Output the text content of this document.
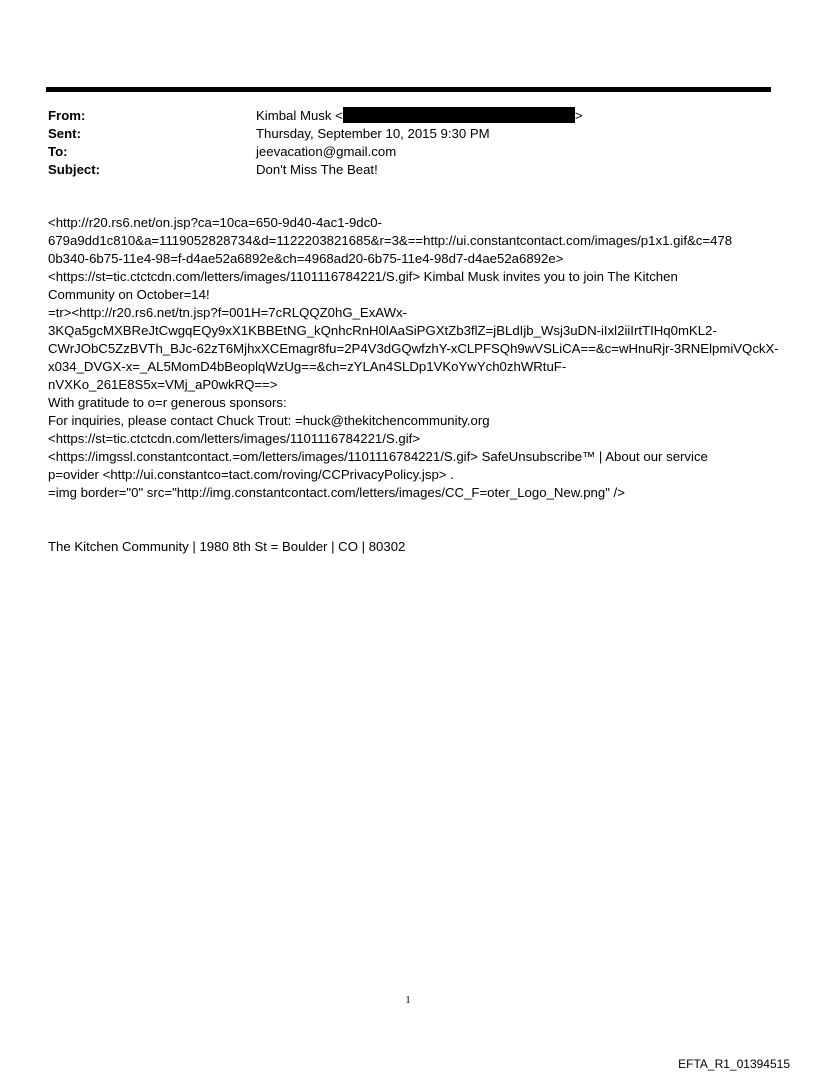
From:	Kimbal Musk <	>
Sent:	Thursday, September 10, 2015 9:30 PM
To:	jeevacation@gmail.com
Subject:	Don't Miss The Beat!
<http://r20.rs6.net/on.jsp?ca=10ca=650-9d40-4ac1-9dc0-
679a9dd1c810&a=1119052828734&d=1122203821685&r=3&==http://ui.constantcontact.com/images/p1x1.gif&c=478
0b340-6b75-11e4-98=f-d4ae52a6892e&ch=4968ad20-6b75-11e4-98d7-d4ae52a6892e>
<https://st=tic.ctctcdn.com/letters/images/1101116784221/S.gif> Kimbal Musk invites you to join The Kitchen
Community on October=14!
=tr><http://r20.rs6.net/tn.jsp?f=001H=7cRLQQZ0hG_ExAWx-
3KQa5gcMXBReJtCwgqEQy9xX1KBBEtNG_kQnhcRnH0lAaSiPGXtZb3flZ=jBLdIjb_Wsj3uDN-iIxl2iiIrtTIHq0mKL2-
CWrJObC5ZzBVTh_BJc-62zT6MjhxXCEmagr8fu=2P4V3dGQwfzhY-xCLPFSQh9wVSLiCA==&c=wHnuRjr-3RNElpmiVQckX-
x034_DVGX-x=_AL5MomD4bBeoplqWzUg==&ch=zYLAn4SLDp1VKoYwYch0zhWRtuF-
nVXKo_261E8S5x=VMj_aP0wkRQ==>
With gratitude to o=r generous sponsors:
For inquiries, please contact Chuck Trout: =huck@thekitchencommunity.org
<https://st=tic.ctctcdn.com/letters/images/1101116784221/S.gif>
<https://imgssl.constantcontact.=om/letters/images/1101116784221/S.gif> SafeUnsubscribe™ | About our service
p=ovider <http://ui.constantco=tact.com/roving/CCPrivacyPolicy.jsp> .
=img border="0" src="http://img.constantcontact.com/letters/images/CC_F=oter_Logo_New.png" />
The Kitchen Community | 1980 8th St = Boulder | CO | 80302
1
EFTA_R1_01394515
